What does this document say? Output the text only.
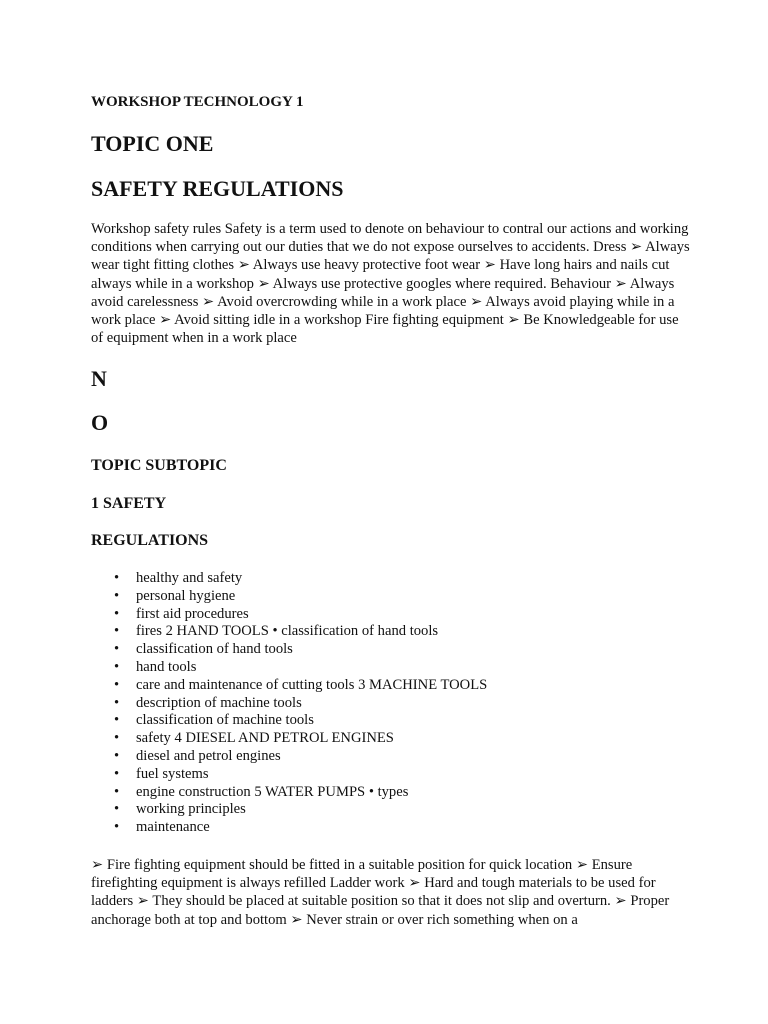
WORKSHOP TECHNOLOGY 1
TOPIC ONE
SAFETY REGULATIONS

Workshop safety rules Safety is a term used to denote on behaviour to contral our actions and working conditions when carrying out our duties that we do not expose ourselves to accidents. Dress ➢ Always wear tight fitting clothes ➢ Always use heavy protective foot wear ➢ Have long hairs and nails cut always while in a workshop ➢ Always use protective googles where required. Behaviour ➢ Always avoid carelessness ➢ Avoid overcrowding while in a work place ➢ Always avoid playing while in a work place ➢ Avoid sitting idle in a workshop Fire fighting equipment ➢ Be Knowledgeable for use of equipment when in a work place

N
O
TOPIC SUBTOPIC
1 SAFETY
REGULATIONS
• healthy and safety
• personal hygiene
• first aid procedures
• fires 2 HAND TOOLS • classification of hand tools
• classification of hand tools
• hand tools
• care and maintenance of cutting tools 3 MACHINE TOOLS
• description of machine tools
• classification of machine tools
• safety 4 DIESEL AND PETROL ENGINES
• diesel and petrol engines
• fuel systems
• engine construction 5 WATER PUMPS • types
• working principles
• maintenance

➢ Fire fighting equipment should be fitted in a suitable position for quick location ➢ Ensure firefighting equipment is always refilled Ladder work ➢ Hard and tough materials to be used for ladders ➢ They should be placed at suitable position so that it does not slip and overturn. ➢ Proper anchorage both at top and bottom ➢ Never strain or over rich something when on a
